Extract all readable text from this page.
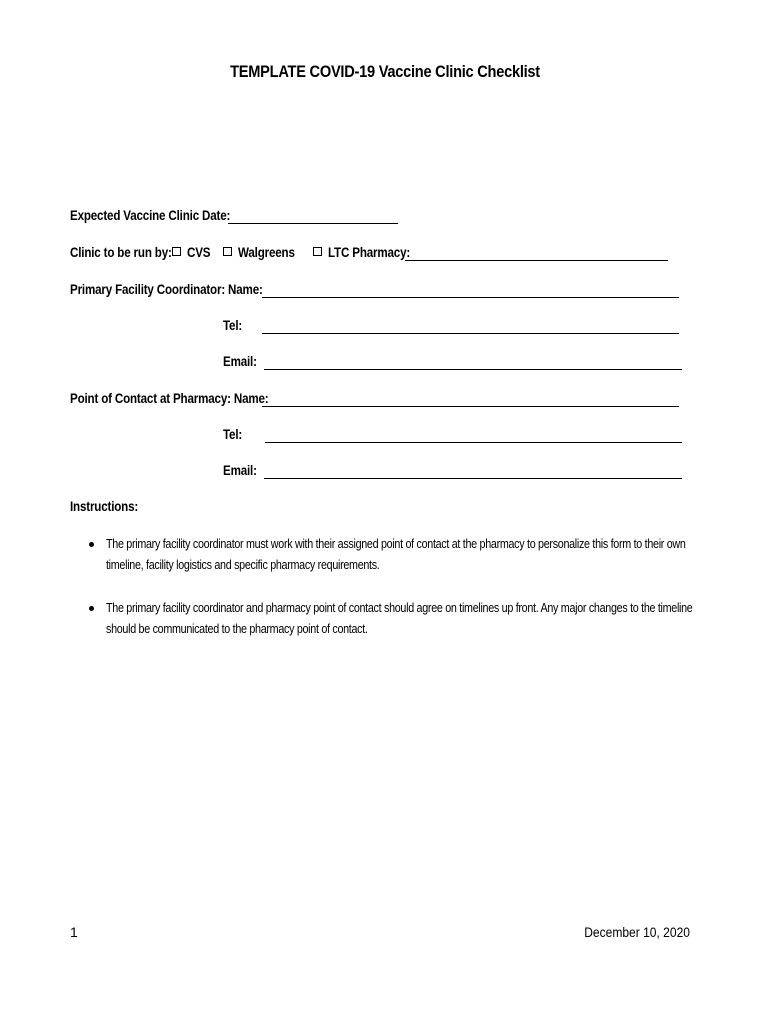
TEMPLATE COVID-19 Vaccine Clinic Checklist
Expected Vaccine Clinic Date:
Clinic to be run by:	CVS	Walgreens	LTC Pharmacy:
Primary Facility Coordinator: Name:
Tel:
Email:
Point of Contact at Pharmacy: Name:
Tel:
Email:
Instructions:
The primary facility coordinator must work with their assigned point of contact at the pharmacy to personalize this form to their own timeline, facility logistics and specific pharmacy requirements.
The primary facility coordinator and pharmacy point of contact should agree on timelines up front. Any major changes to the timeline should be communicated to the pharmacy point of contact.
1	December 10, 2020
